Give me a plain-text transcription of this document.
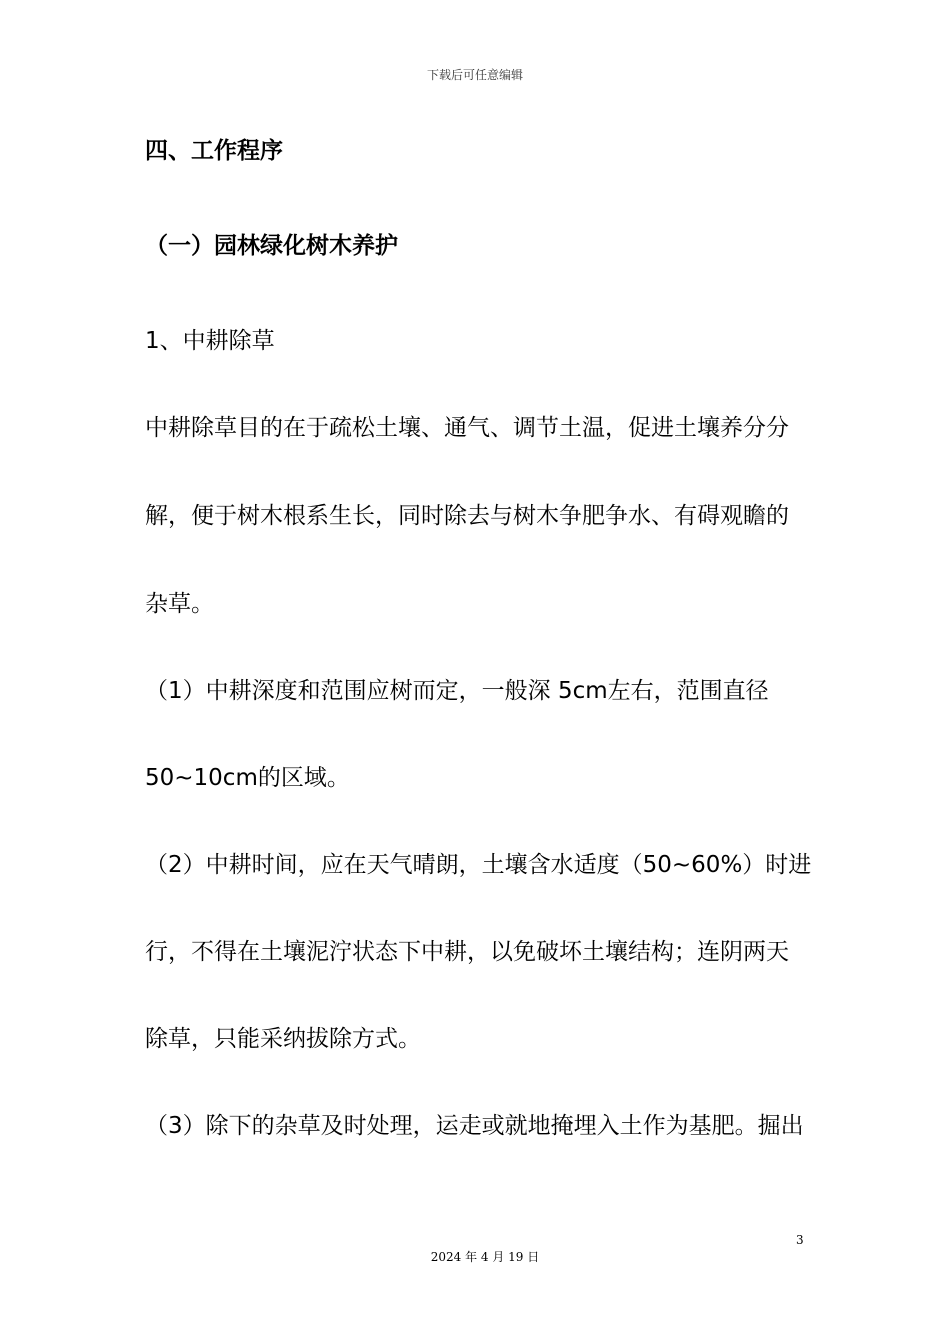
下载后可任意编辑
四、工作程序
（一）园林绿化树木养护
1、中耕除草
中耕除草目的在于疏松土壤、通气、调节土温，促进土壤养分分
解，便于树木根系生长，同时除去与树木争肥争水、有碍观瞻的
杂草。
（1）中耕深度和范围应树而定，一般深 5cm左右，范围直径
50~10cm的区域。
（2）中耕时间，应在天气晴朗，土壤含水适度（50~60%）时进
行，不得在土壤泥泞状态下中耕，以免破坏土壤结构；连阴两天
除草，只能采纳拔除方式。
（3）除下的杂草及时处理，运走或就地掩埋入土作为基肥。掘出
3
2024 年 4 月 19 日
